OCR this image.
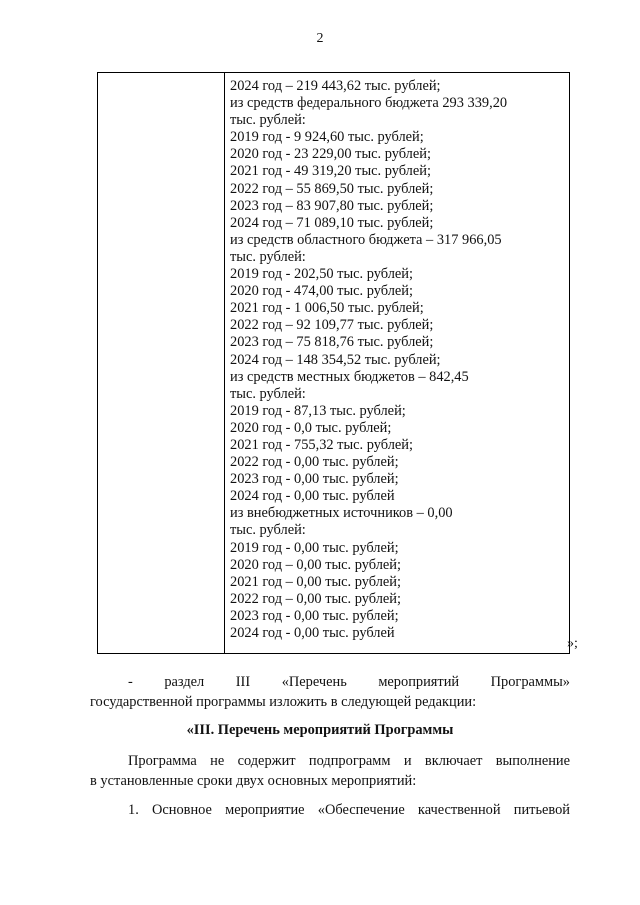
2
2024 год – 219 443,62 тыс. рублей;
из средств федерального бюджета 293 339,20
тыс. рублей:
2019 год - 9 924,60 тыс. рублей;
2020 год - 23 229,00 тыс. рублей;
2021 год - 49 319,20 тыс. рублей;
2022 год – 55 869,50 тыс. рублей;
2023 год – 83 907,80 тыс. рублей;
2024 год – 71 089,10 тыс. рублей;
из средств областного бюджета – 317 966,05
тыс. рублей:
2019 год - 202,50 тыс. рублей;
2020 год - 474,00 тыс. рублей;
2021 год - 1 006,50 тыс. рублей;
2022 год – 92 109,77 тыс. рублей;
2023 год – 75 818,76 тыс. рублей;
2024 год – 148 354,52 тыс. рублей;
из средств местных бюджетов – 842,45
тыс. рублей:
2019 год - 87,13 тыс. рублей;
2020 год - 0,0 тыс. рублей;
2021 год - 755,32 тыс. рублей;
2022 год - 0,00 тыс. рублей;
2023 год - 0,00 тыс. рублей;
2024 год - 0,00 тыс. рублей
из внебюджетных источников – 0,00
тыс. рублей:
2019 год - 0,00 тыс. рублей;
2020 год – 0,00 тыс. рублей;
2021 год – 0,00 тыс. рублей;
2022 год – 0,00 тыс. рублей;
2023 год - 0,00 тыс. рублей;
2024 год - 0,00 тыс. рублей
»;
- раздел III «Перечень мероприятий Программы»
государственной программы изложить в следующей редакции:
«III. Перечень мероприятий Программы
Программа не содержит подпрограмм и включает выполнение
в установленные сроки двух основных мероприятий:
1. Основное мероприятие «Обеспечение качественной питьевой
